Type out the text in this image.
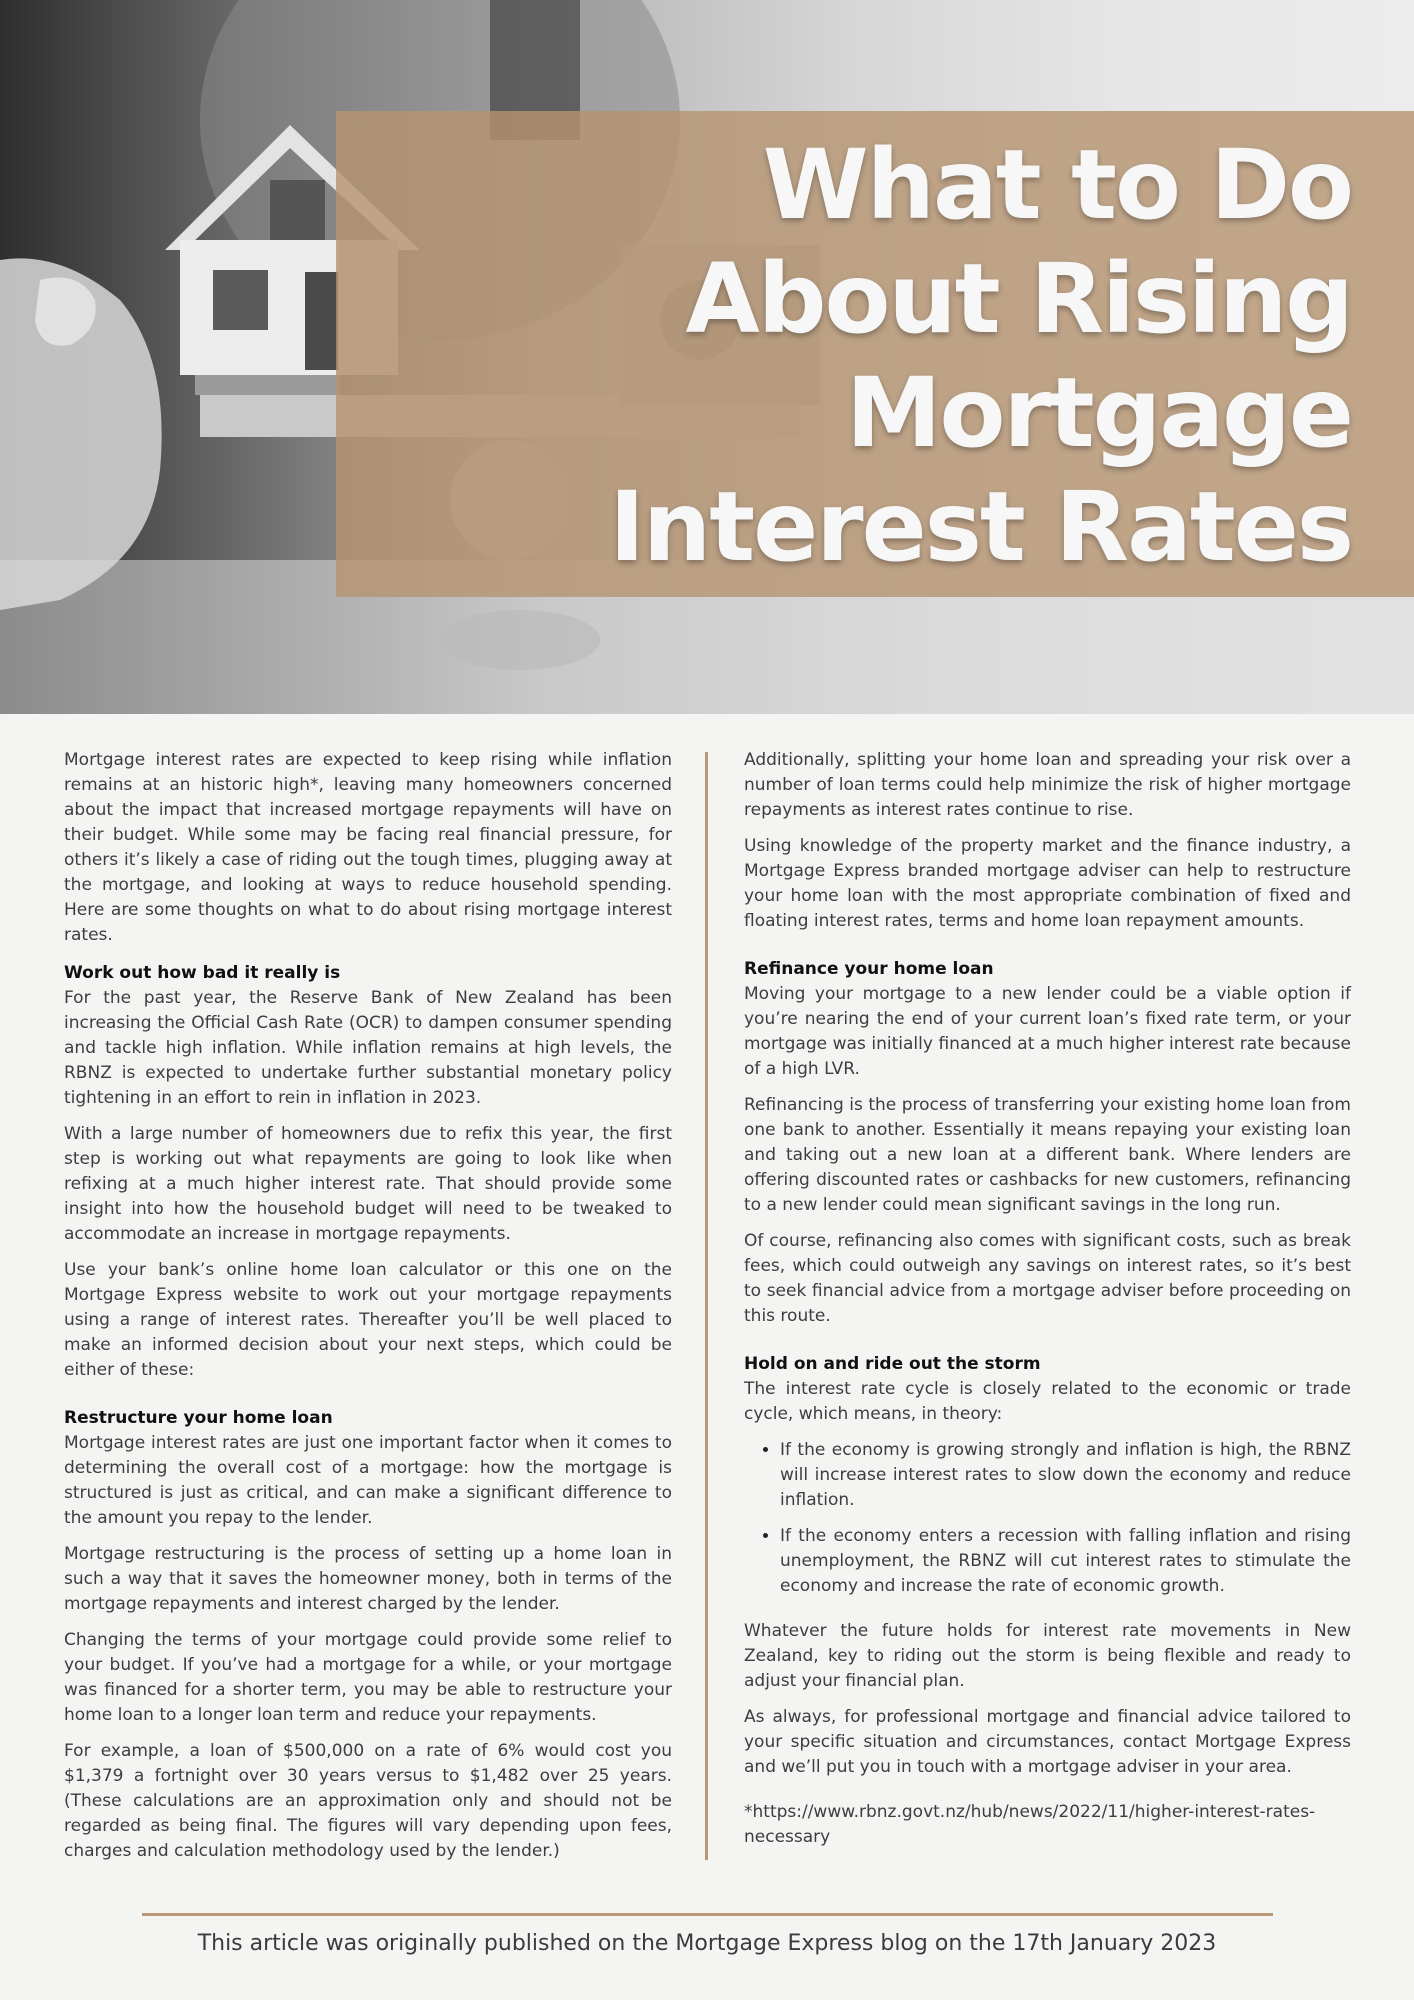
What to Do
About Rising
Mortgage
Interest Rates

Mortgage interest rates are expected to keep rising while inflation remains at an historic high*, leaving many homeowners concerned about the impact that increased mortgage repayments will have on their budget. While some may be facing real financial pressure, for others it’s likely a case of riding out the tough times, plugging away at the mortgage, and looking at ways to reduce household spending. Here are some thoughts on what to do about rising mortgage interest rates.

Work out how bad it really is

For the past year, the Reserve Bank of New Zealand has been increasing the Official Cash Rate (OCR) to dampen consumer spending and tackle high inflation. While inflation remains at high levels, the RBNZ is expected to undertake further substantial monetary policy tightening in an effort to rein in inflation in 2023.

With a large number of homeowners due to refix this year, the first step is working out what repayments are going to look like when refixing at a much higher interest rate. That should provide some insight into how the household budget will need to be tweaked to accommodate an increase in mortgage repayments.

Use your bank’s online home loan calculator or this one on the Mortgage Express website to work out your mortgage repayments using a range of interest rates. Thereafter you’ll be well placed to make an informed decision about your next steps, which could be either of these:

Restructure your home loan

Mortgage interest rates are just one important factor when it comes to determining the overall cost of a mortgage: how the mortgage is structured is just as critical, and can make a significant difference to the amount you repay to the lender.

Mortgage restructuring is the process of setting up a home loan in such a way that it saves the homeowner money, both in terms of the mortgage repayments and interest charged by the lender.

Changing the terms of your mortgage could provide some relief to your budget. If you’ve had a mortgage for a while, or your mortgage was financed for a shorter term, you may be able to restructure your home loan to a longer loan term and reduce your repayments.

For example, a loan of $500,000 on a rate of 6% would cost you $1,379 a fortnight over 30 years versus to $1,482 over 25 years. (These calculations are an approximation only and should not be regarded as being final. The figures will vary depending upon fees, charges and calculation methodology used by the lender.)

Additionally, splitting your home loan and spreading your risk over a number of loan terms could help minimize the risk of higher mortgage repayments as interest rates continue to rise.

Using knowledge of the property market and the finance industry, a Mortgage Express branded mortgage adviser can help to restructure your home loan with the most appropriate combination of fixed and floating interest rates, terms and home loan repayment amounts.

Refinance your home loan

Moving your mortgage to a new lender could be a viable option if you’re nearing the end of your current loan’s fixed rate term, or your mortgage was initially financed at a much higher interest rate because of a high LVR.

Refinancing is the process of transferring your existing home loan from one bank to another. Essentially it means repaying your existing loan and taking out a new loan at a different bank. Where lenders are offering discounted rates or cashbacks for new customers, refinancing to a new lender could mean significant savings in the long run.

Of course, refinancing also comes with significant costs, such as break fees, which could outweigh any savings on interest rates, so it’s best to seek financial advice from a mortgage adviser before proceeding on this route.

Hold on and ride out the storm

The interest rate cycle is closely related to the economic or trade cycle, which means, in theory:

• If the economy is growing strongly and inflation is high, the RBNZ will increase interest rates to slow down the economy and reduce inflation.
• If the economy enters a recession with falling inflation and rising unemployment, the RBNZ will cut interest rates to stimulate the economy and increase the rate of economic growth.

Whatever the future holds for interest rate movements in New Zealand, key to riding out the storm is being flexible and ready to adjust your financial plan.

As always, for professional mortgage and financial advice tailored to your specific situation and circumstances, contact Mortgage Express and we’ll put you in touch with a mortgage adviser in your area.

*https://www.rbnz.govt.nz/hub/news/2022/11/higher-interest-rates-necessary

This article was originally published on the Mortgage Express blog on the 17th January 2023
